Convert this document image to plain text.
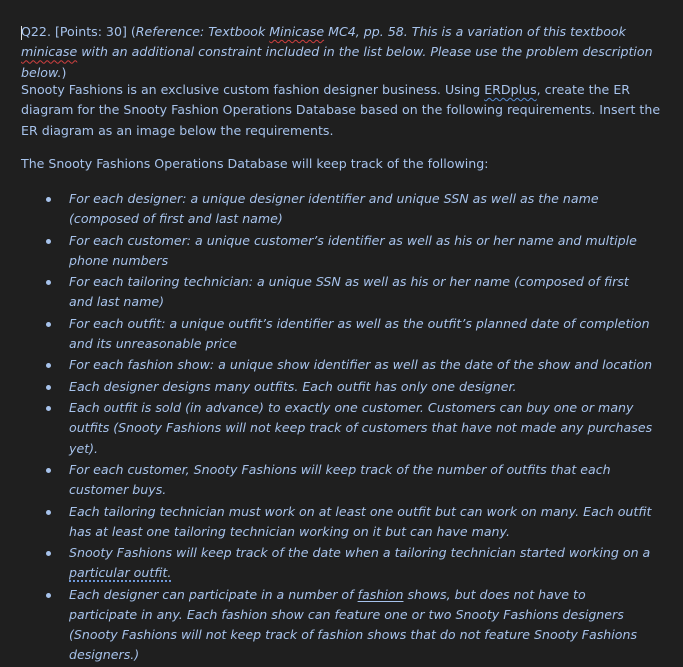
Q22. [Points: 30] (Reference: Textbook Minicase MC4, pp. 58. This is a variation of this textbook minicase with an additional constraint included in the list below. Please use the problem description below.)
Snooty Fashions is an exclusive custom fashion designer business. Using ERDplus, create the ER diagram for the Snooty Fashion Operations Database based on the following requirements. Insert the ER diagram as an image below the requirements.
The Snooty Fashions Operations Database will keep track of the following:
For each designer: a unique designer identifier and unique SSN as well as the name (composed of first and last name)
For each customer: a unique customer’s identifier as well as his or her name and multiple phone numbers
For each tailoring technician: a unique SSN as well as his or her name (composed of first and last name)
For each outfit: a unique outfit’s identifier as well as the outfit’s planned date of completion and its unreasonable price
For each fashion show: a unique show identifier as well as the date of the show and location
Each designer designs many outfits. Each outfit has only one designer.
Each outfit is sold (in advance) to exactly one customer. Customers can buy one or many outfits (Snooty Fashions will not keep track of customers that have not made any purchases yet).
For each customer, Snooty Fashions will keep track of the number of outfits that each customer buys.
Each tailoring technician must work on at least one outfit but can work on many. Each outfit has at least one tailoring technician working on it but can have many.
Snooty Fashions will keep track of the date when a tailoring technician started working on a particular outfit.
Each designer can participate in a number of fashion shows, but does not have to participate in any. Each fashion show can feature one or two Snooty Fashions designers (Snooty Fashions will not keep track of fashion shows that do not feature Snooty Fashions designers.)
